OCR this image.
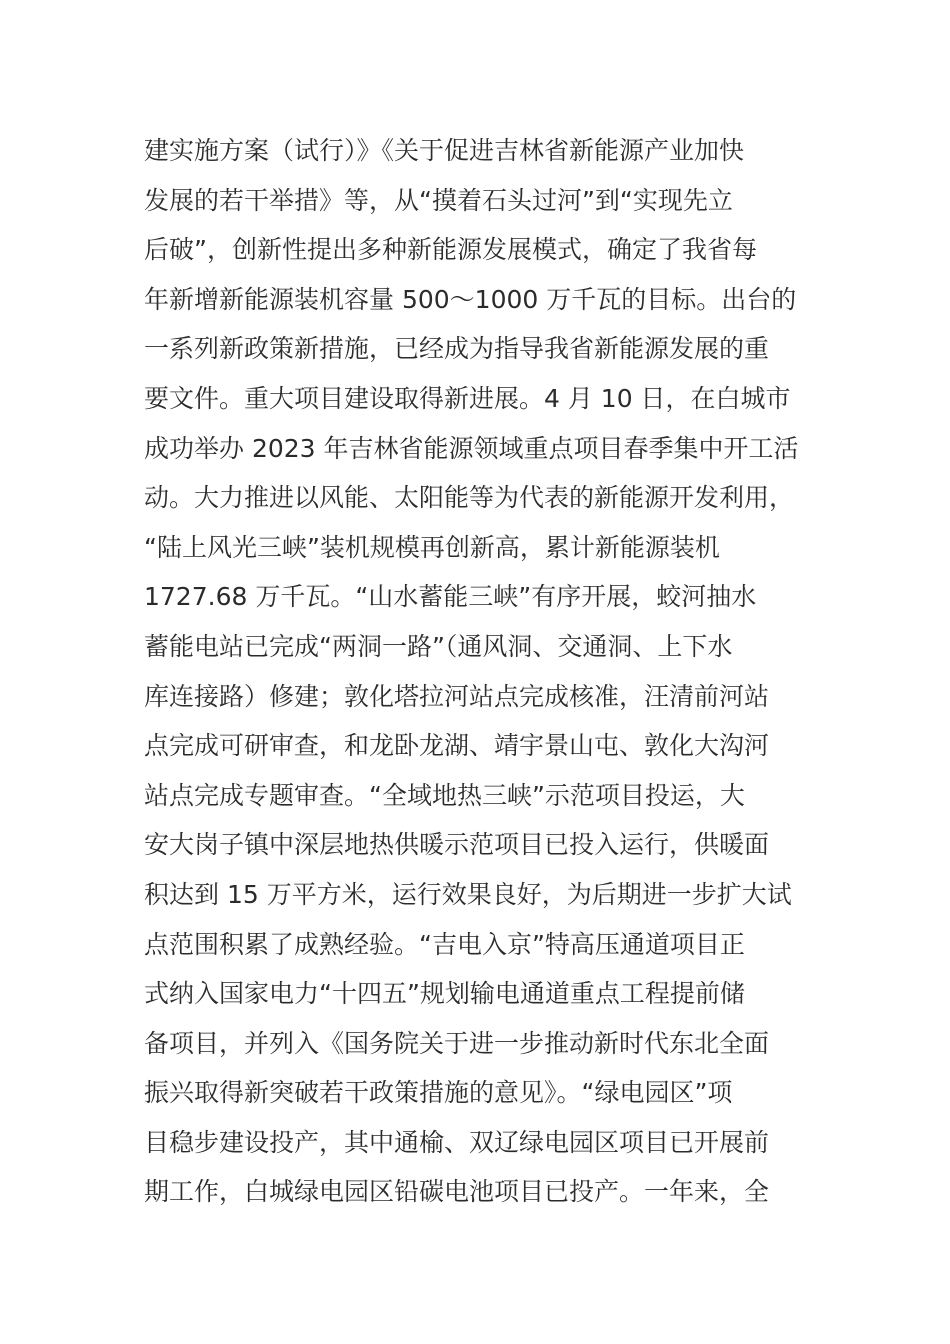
建实施方案（试行）》《关于促进吉林省新能源产业加快
发展的若干举措》等，从“摸着石头过河”到“实现先立
后破”，创新性提出多种新能源发展模式，确定了我省每
年新增新能源装机容量 500～1000 万千瓦的目标。出台的
一系列新政策新措施，已经成为指导我省新能源发展的重
要文件。重大项目建设取得新进展。4 月 10 日，在白城市
成功举办 2023 年吉林省能源领域重点项目春季集中开工活
动。大力推进以风能、太阳能等为代表的新能源开发利用，
“陆上风光三峡”装机规模再创新高，累计新能源装机
1727.68 万千瓦。“山水蓄能三峡”有序开展，蛟河抽水
蓄能电站已完成“两洞一路”（通风洞、交通洞、上下水
库连接路）修建；敦化塔拉河站点完成核准，汪清前河站
点完成可研审查，和龙卧龙湖、靖宇景山屯、敦化大沟河
站点完成专题审查。“全域地热三峡”示范项目投运，大
安大岗子镇中深层地热供暖示范项目已投入运行，供暖面
积达到 15 万平方米，运行效果良好，为后期进一步扩大试
点范围积累了成熟经验。“吉电入京”特高压通道项目正
式纳入国家电力“十四五”规划输电通道重点工程提前储
备项目，并列入《国务院关于进一步推动新时代东北全面
振兴取得新突破若干政策措施的意见》。“绿电园区”项
目稳步建设投产，其中通榆、双辽绿电园区项目已开展前
期工作，白城绿电园区铅碳电池项目已投产。一年来，全
